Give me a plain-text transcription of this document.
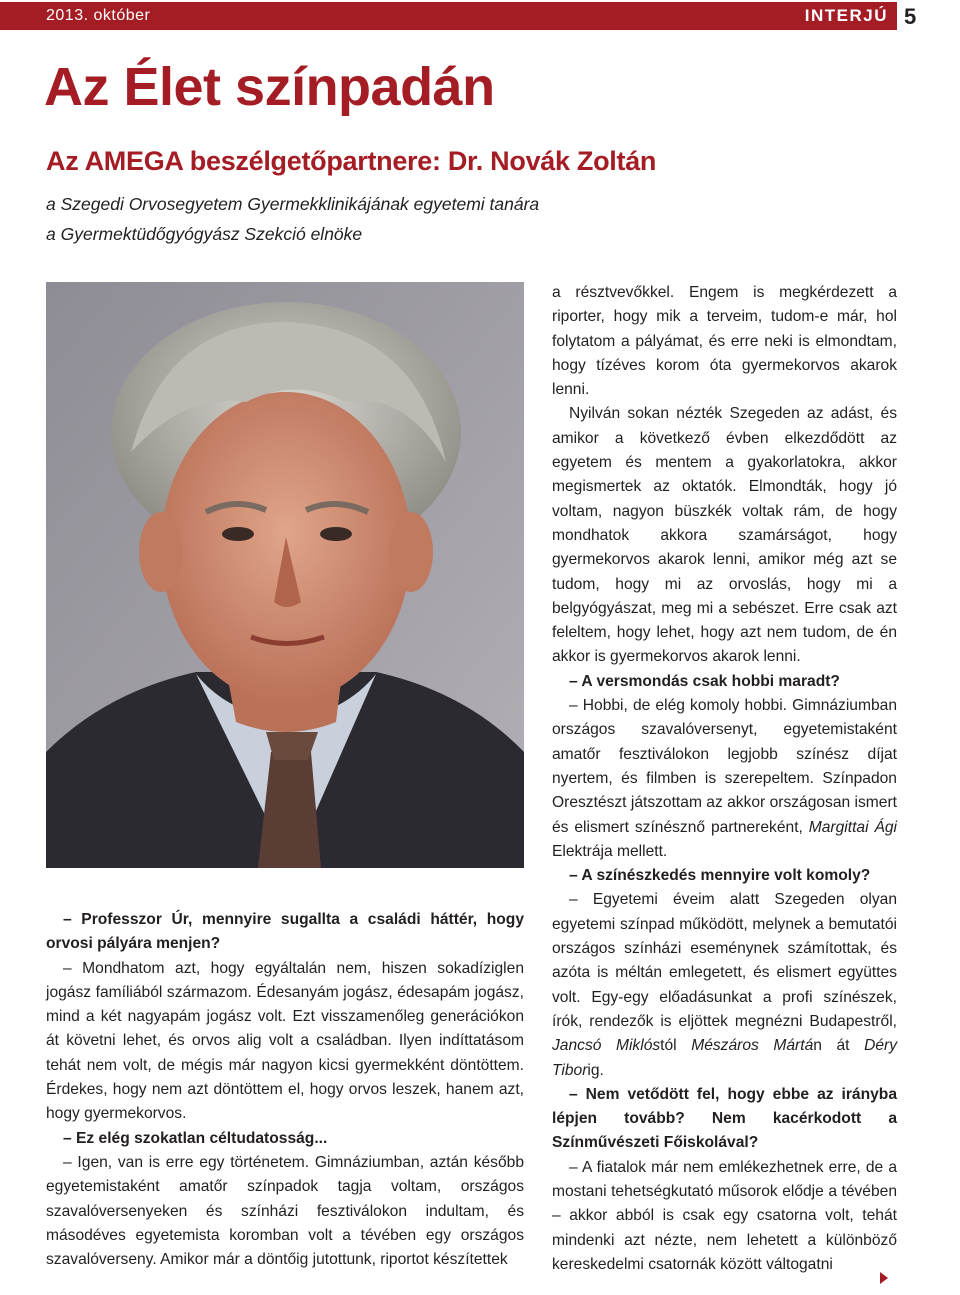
2013. október	INTERJÚ 5
Az Élet színpadán
Az AMEGA beszélgetőpartnere: Dr. Novák Zoltán
a Szegedi Orvosegyetem Gyermekklinikájának egyetemi tanára
a Gyermektüdőgyógyász Szekció elnöke

– Professzor Úr, mennyire sugallta a családi háttér, hogy orvosi pályára menjen?

– Mondhatom azt, hogy egyáltalán nem, hiszen sokadíziglen jogász famíliából származom. Édesanyám jogász, édesapám jogász, mind a két nagyapám jogász volt. Ezt visszamenőleg generációkon át követni lehet, és orvos alig volt a családban. Ilyen indíttatásom tehát nem volt, de mégis már nagyon kicsi gyermekként döntöttem. Érdekes, hogy nem azt döntöttem el, hogy orvos leszek, hanem azt, hogy gyermekorvos.

– Ez elég szokatlan céltudatosság...

– Igen, van is erre egy történetem. Gimnáziumban, aztán később egyetemistaként amatőr színpadok tagja voltam, országos szavalóversenyeken és színházi fesztiválokon indultam, és másodéves egyetemista koromban volt a tévében egy országos szavalóverseny. Amikor már a döntőig jutottunk, riportot készítettek

a résztvevőkkel. Engem is megkérdezett a riporter, hogy mik a terveim, tudom-e már, hol folytatom a pályámat, és erre neki is elmondtam, hogy tízéves korom óta gyermekorvos akarok lenni.

Nyilván sokan nézték Szegeden az adást, és amikor a következő évben elkezdődött az egyetem és mentem a gyakorlatokra, akkor megismertek az oktatók. Elmondták, hogy jó voltam, nagyon büszkék voltak rám, de hogy mondhatok akkora szamárságot, hogy gyermekorvos akarok lenni, amikor még azt se tudom, hogy mi az orvoslás, hogy mi a belgyógyászat, meg mi a sebészet. Erre csak azt feleltem, hogy lehet, hogy azt nem tudom, de én akkor is gyermekorvos akarok lenni.

– A versmondás csak hobbi maradt?

– Hobbi, de elég komoly hobbi. Gimnáziumban országos szavalóversenyt, egyetemistaként amatőr fesztiválokon legjobb színész díjat nyertem, és filmben is szerepeltem. Színpadon Oresztészt játszottam az akkor országosan ismert és elismert színésznő partnereként, Margittai Ági Elektrája mellett.

– A színészkedés mennyire volt komoly?

– Egyetemi éveim alatt Szegeden olyan egyetemi színpad működött, melynek a bemutatói országos színházi eseménynek számítottak, és azóta is méltán emlegetett, és elismert együttes volt. Egy-egy előadásunkat a profi színészek, írók, rendezők is eljöttek megnézni Budapestről, Jancsó Miklóstól Mészáros Mártán át Déry Tiborig.

– Nem vetődött fel, hogy ebbe az irányba lépjen tovább? Nem kacérkodott a Színművészeti Főiskolával?

– A fiatalok már nem emlékezhetnek erre, de a mostani tehetségkutató műsorok elődje a tévében – akkor abból is csak egy csatorna volt, tehát mindenki azt nézte, nem lehetett a különböző kereskedelmi csatornák között váltogatni
